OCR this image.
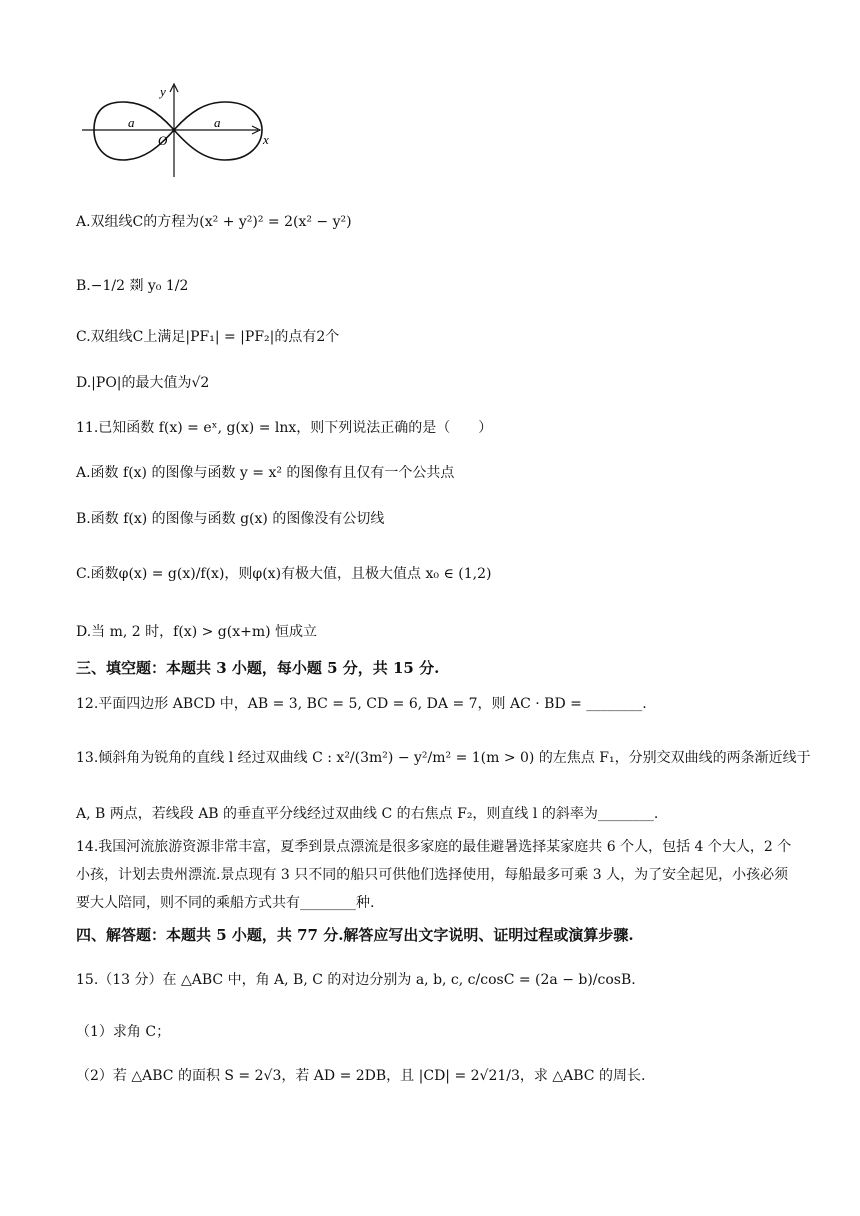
y
x
O
a	a
A.双组线C的方程为(x² + y²)² = 2(x² − y²)
B.−1/2 剟 y₀ 1/2
C.双组线C上满足|PF₁| = |PF₂|的点有2个
D.|PO|的最大值为√2
11.已知函数 f(x) = eˣ, g(x) = lnx，则下列说法正确的是（　　）
A.函数 f(x) 的图像与函数 y = x² 的图像有且仅有一个公共点
B.函数 f(x) 的图像与函数 g(x) 的图像没有公切线
C.函数φ(x) = g(x)/f(x)，则φ(x)有极大值，且极大值点 x₀ ∈ (1,2)
D.当 m, 2 时，f(x) > g(x+m) 恒成立
三、填空题：本题共 3 小题，每小题 5 分，共 15 分.
12.平面四边形 ABCD 中，AB = 3, BC = 5, CD = 6, DA = 7，则 AC · BD = ________.
13.倾斜角为锐角的直线 l 经过双曲线 C : x²/(3m²) − y²/m² = 1(m > 0) 的左焦点 F₁，分别交双曲线的两条渐近线于
A, B 两点，若线段 AB 的垂直平分线经过双曲线 C 的右焦点 F₂，则直线 l 的斜率为________.
14.我国河流旅游资源非常丰富，夏季到景点漂流是很多家庭的最佳避暑选择某家庭共 6 个人，包括 4 个大人，2 个小孩，计划去贵州漂流.景点现有 3 只不同的船只可供他们选择使用，每船最多可乘 3 人，为了安全起见，小孩必须要大人陪同，则不同的乘船方式共有________种.
四、解答题：本题共 5 小题，共 77 分.解答应写出文字说明、证明过程或演算步骤.
15.（13 分）在 △ABC 中，角 A, B, C 的对边分别为 a, b, c, c/cosC = (2a − b)/cosB.
（1）求角 C；
（2）若 △ABC 的面积 S = 2√3，若 AD = 2DB，且 |CD| = 2√21/3，求 △ABC 的周长.
